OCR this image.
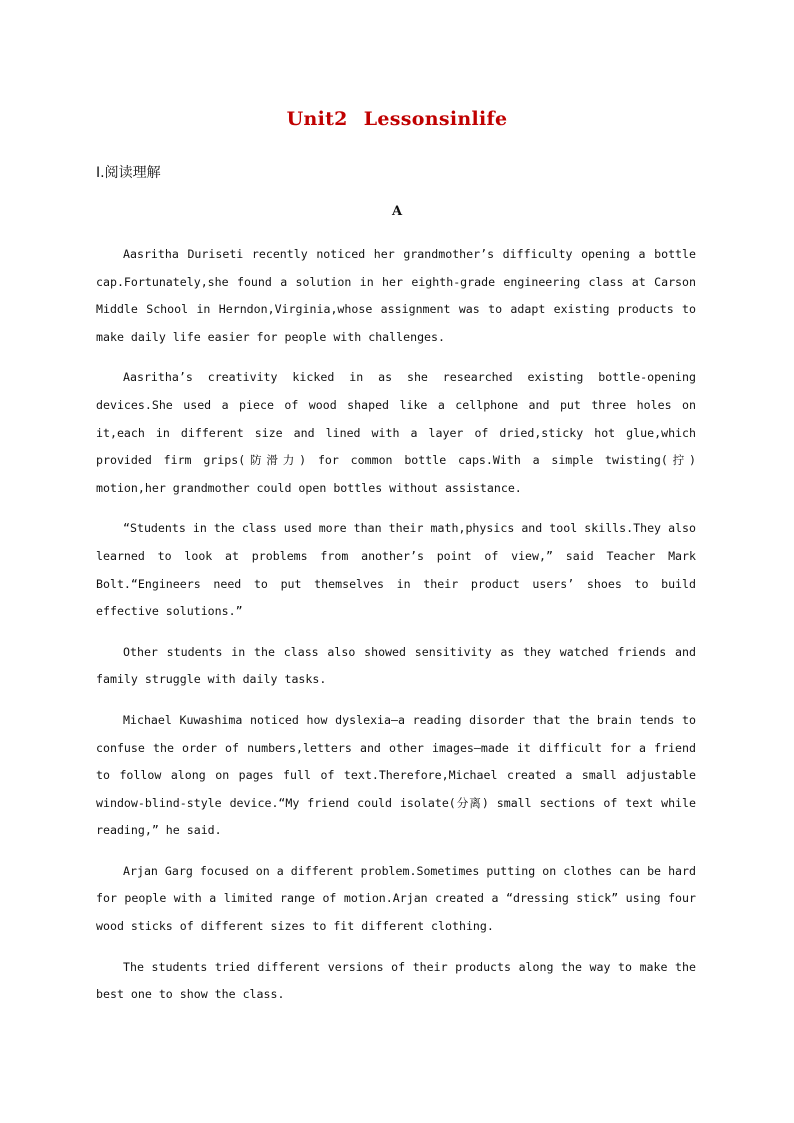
Unit2 Lessonsinlife

Ⅰ.阅读理解

A

Aasritha Duriseti recently noticed her grandmother’s difficulty opening a bottle cap.Fortunately,she found a solution in her eighth-grade engineering class at Carson Middle School in Herndon,Virginia,whose assignment was to adapt existing products to make daily life easier for people with challenges.

Aasritha’s creativity kicked in as she researched existing bottle-opening devices.She used a piece of wood shaped like a cellphone and put three holes on it,each in different size and lined with a layer of dried,sticky hot glue,which provided firm grips(防滑力) for common bottle caps.With a simple twisting(拧) motion,her grandmother could open bottles without assistance.

“Students in the class used more than their math,physics and tool skills.They also learned to look at problems from another’s point of view,” said Teacher Mark Bolt.“Engineers need to put themselves in their product users’ shoes to build effective solutions.”

Other students in the class also showed sensitivity as they watched friends and family struggle with daily tasks.

Michael Kuwashima noticed how dyslexia—a reading disorder that the brain tends to confuse the order of numbers,letters and other images—made it difficult for a friend to follow along on pages full of text.Therefore,Michael created a small adjustable window-blind-style device.“My friend could isolate(分离) small sections of text while reading,” he said.

Arjan Garg focused on a different problem.Sometimes putting on clothes can be hard for people with a limited range of motion.Arjan created a “dressing stick” using four wood sticks of different sizes to fit different clothing.

The students tried different versions of their products along the way to make the best one to show the class.
